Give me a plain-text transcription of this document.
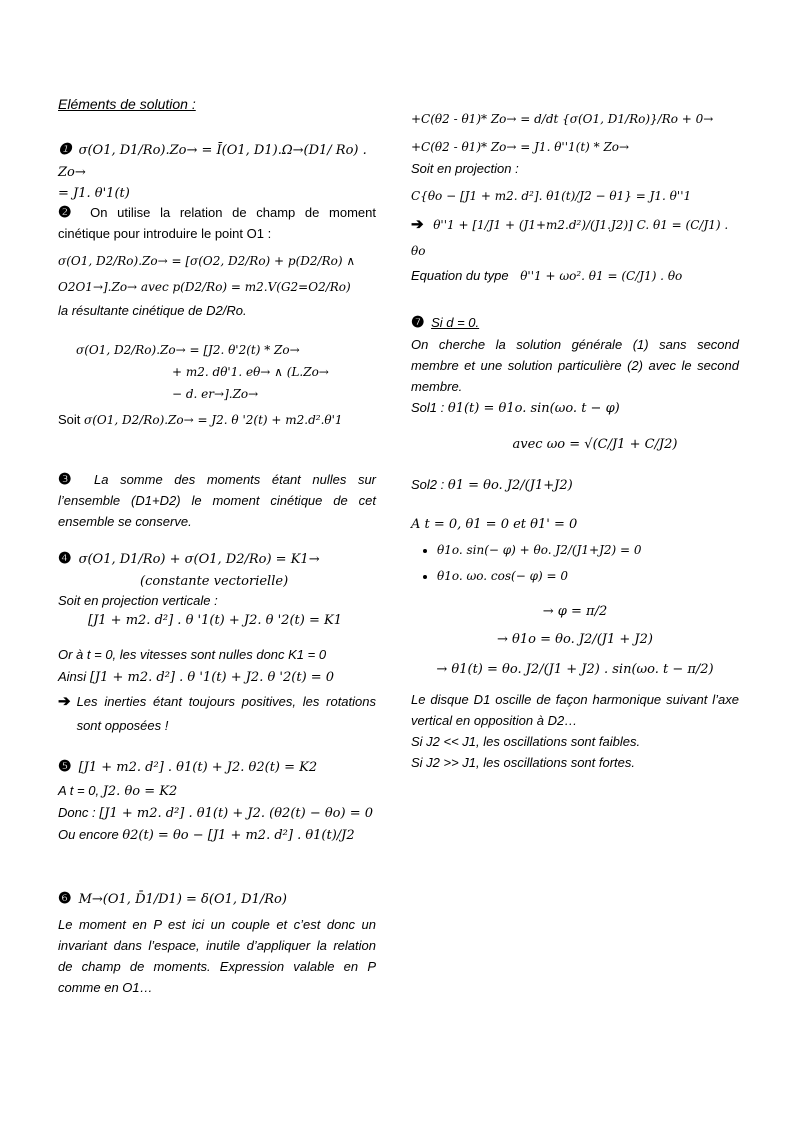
Eléments de solution :
❶ σ(O1, D1/Ro).Zo→ = Ī(O1, D1).Ω→(D1/ Ro) . Zo→
= J1. θ'1(t)
❷ On utilise la relation de champ de moment cinétique pour introduire le point O1 :
σ(O1, D2/Ro).Zo→ = [σ(O2, D2/Ro) + p(D2/Ro) ∧
O2O1→].Zo→ avec p(D2/Ro) = m2.V(G2=O2/Ro)
la résultante cinétique de D2/Ro.
σ(O1, D2/Ro).Zo→ = [J2. θ'2(t) * Zo→
+ m2. dθ'1. eθ→ ∧ (L.Zo→
− d. er→].Zo→
Soit σ(O1, D2/Ro).Zo→ = J2. θ '2(t) + m2.d².θ'1
❸ La somme des moments étant nulles sur l’ensemble (D1+D2) le moment cinétique de cet ensemble se conserve.
❹ σ(O1, D1/Ro) + σ(O1, D2/Ro) = K1→
(constante vectorielle)
Soit en projection verticale :
[J1 + m2. d²] . θ '1(t) + J2. θ '2(t) = K1
Or à t = 0, les vitesses sont nulles donc K1 = 0
Ainsi [J1 + m2. d²] . θ '1(t) + J2. θ '2(t) = 0
➔ Les inerties étant toujours positives, les rotations sont opposées !
❺ [J1 + m2. d²] . θ1(t) + J2. θ2(t) = K2
A t = 0, J2. θo = K2
Donc : [J1 + m2. d²] . θ1(t) + J2. (θ2(t) − θo) = 0
Ou encore θ2(t) = θo − [J1 + m2. d²] . θ1(t)/J2
❻ M→(O1, D̄1/D1) = δ(O1, D1/Ro)
Le moment en P est ici un couple et c’est donc un invariant dans l’espace, inutile d’appliquer la relation de champ de moments. Expression valable en P comme en O1…
+C(θ2 - θ1)* Zo→ = d/dt {σ(O1, D1/Ro)}/Ro + 0→
+C(θ2 - θ1)* Zo→ = J1. θ''1(t) * Zo→
Soit en projection :
C{θo − [J1 + m2. d²]. θ1(t)/J2 − θ1} = J1. θ''1
➔ θ''1 + [1/J1 + (J1+m2.d²)/(J1.J2)] C. θ1 = (C/J1) . θo
Equation du type θ''1 + ωo². θ1 = (C/J1) . θo
❼ Si d = 0.
On cherche la solution générale (1) sans second membre et une solution particulière (2) avec le second membre.
Sol1 : θ1(t) = θ1o. sin(ωo. t − φ)
avec ωo = √(C/J1 + C/J2)
Sol2 : θ1 = θo. J2/(J1+J2)
A t = 0, θ1 = 0 et θ1' = 0
• θ1o. sin(− φ) + θo. J2/(J1+J2) = 0
• θ1o. ωo. cos(− φ) = 0
→ φ = π/2
→ θ1o = θo. J2/(J1 + J2)
→ θ1(t) = θo. J2/(J1 + J2) . sin(ωo. t − π/2)
Le disque D1 oscille de façon harmonique suivant l’axe vertical en opposition à D2…
Si J2 << J1, les oscillations sont faibles.
Si J2 >> J1, les oscillations sont fortes.
